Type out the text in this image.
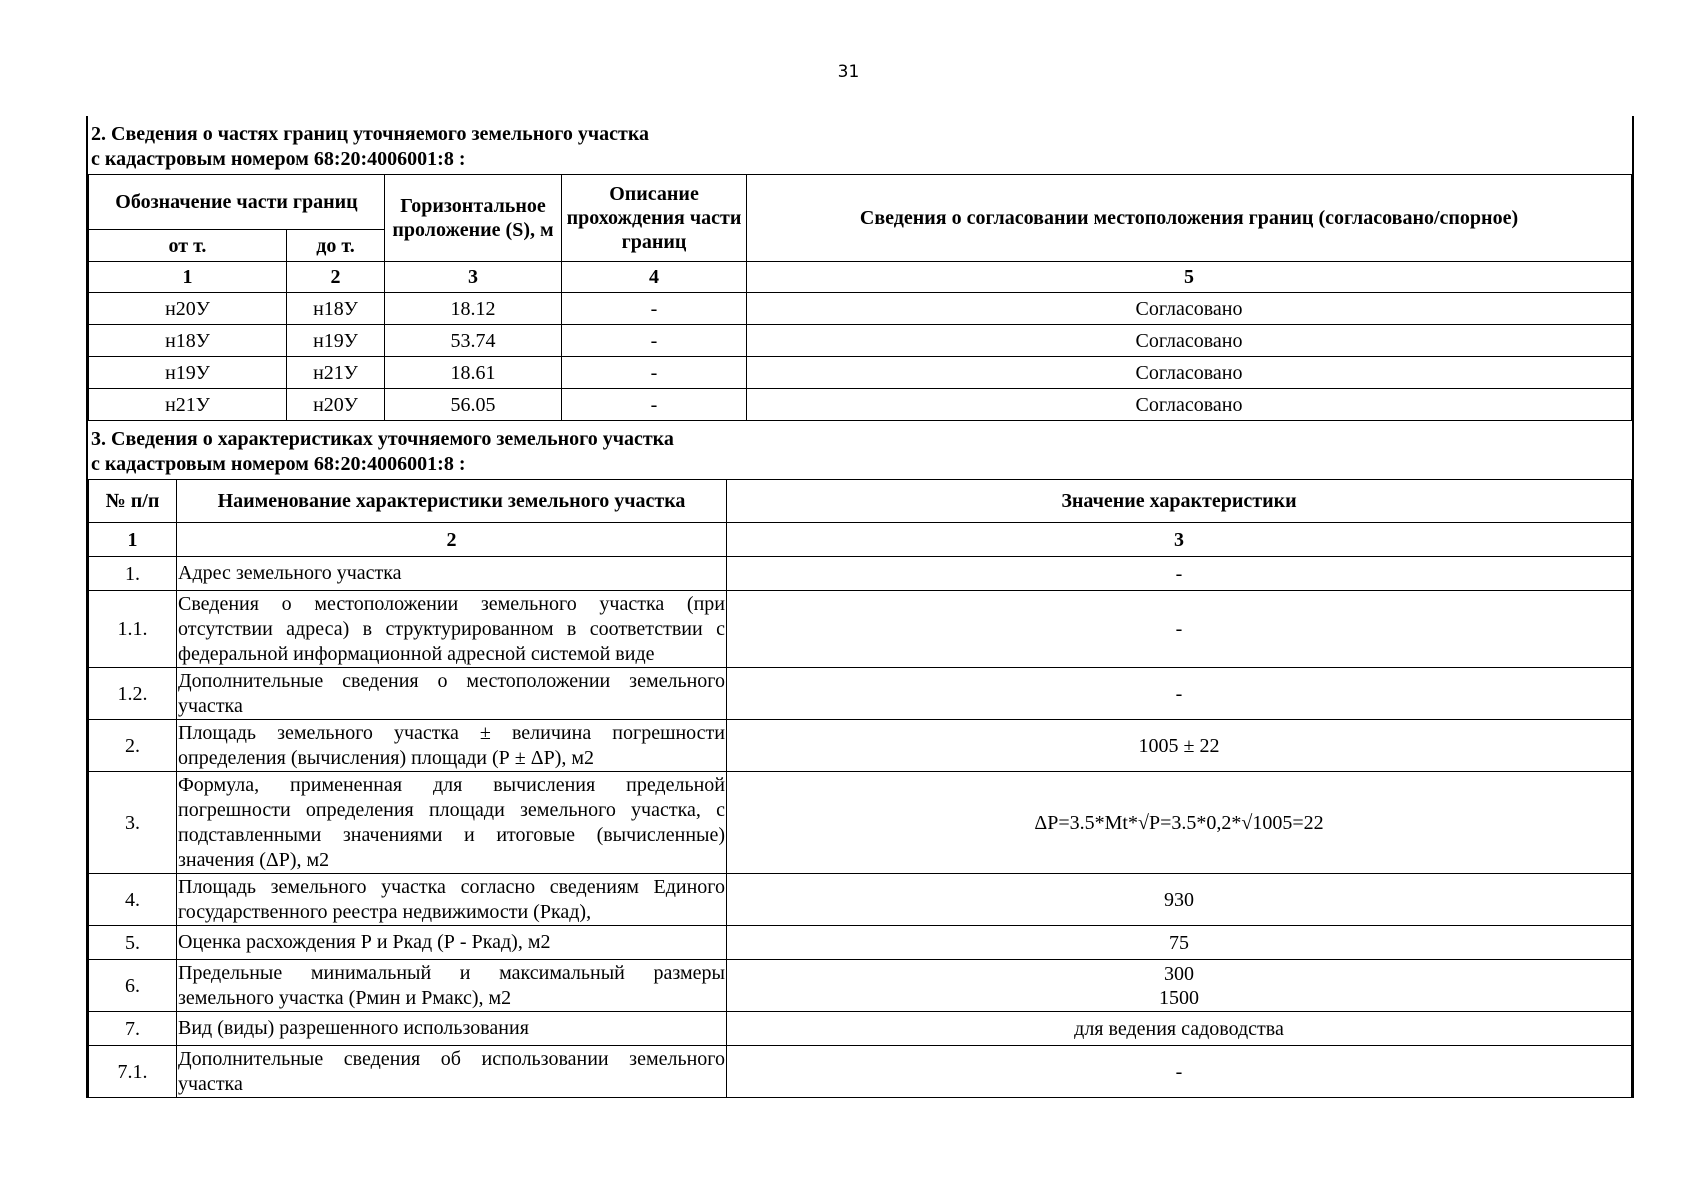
31
2. Сведения о частях границ уточняемого земельного участка
с кадастровым номером 68:20:4006001:8 :
Обозначение части границ		Горизонтальное проложение (S), м	Описание прохождения части границ	Сведения о согласовании местоположения границ (согласовано/спорное)
от т.	до т.			
1	2	3	4	5
н20У	н18У	18.12	-	Согласовано
н18У	н19У	53.74	-	Согласовано
н19У	н21У	18.61	-	Согласовано
н21У	н20У	56.05	-	Согласовано
3. Сведения о характеристиках уточняемого земельного участка
с кадастровым номером 68:20:4006001:8 :
№ п/п	Наименование характеристики земельного участка	Значение характеристики
1	2	3
1.	Адрес земельного участка	-
1.1.	Сведения о местоположении земельного участка (при отсутствии адреса) в структурированном в соответствии с федеральной информационной адресной системой виде	-
1.2.	Дополнительные сведения о местоположении земельного участка	-
2.	Площадь земельного участка ± величина погрешности определения (вычисления) площади (Р ± ΔР), м2	1005 ± 22
3.	Формула, примененная для вычисления предельной погрешности определения площади земельного участка, с подставленными значениями и итоговые (вычисленные) значения (ΔР), м2	ΔР=3.5*Mt*√P=3.5*0,2*√1005=22
4.	Площадь земельного участка согласно сведениям Единого государственного реестра недвижимости (Ркад),	930
5.	Оценка расхождения Р и Ркад (Р - Ркад), м2	75
6.	Предельные минимальный и максимальный размеры земельного участка (Рмин и Рмакс), м2	300
1500

7.	Вид (виды) разрешенного использования	для ведения садоводства
7.1.	Дополнительные сведения об использовании земельного участка	-
